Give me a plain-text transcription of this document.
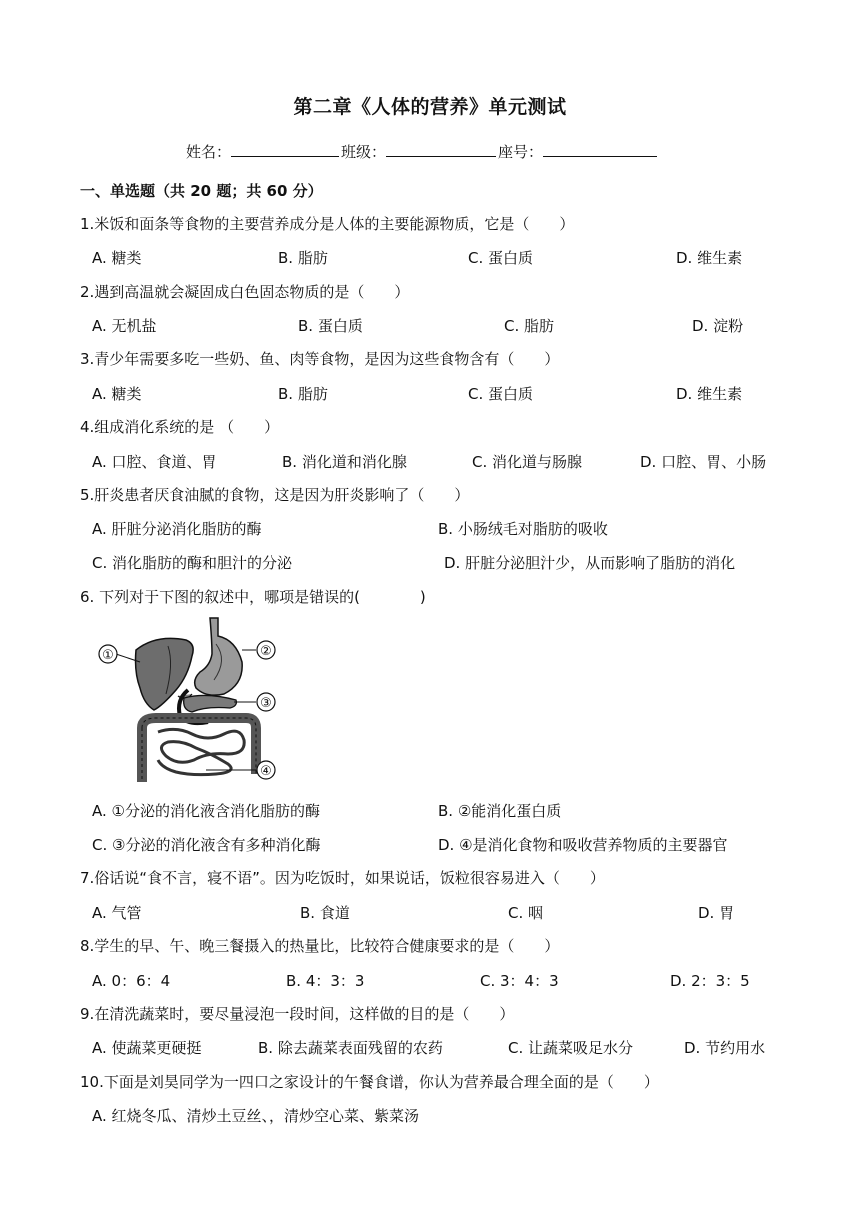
第二章《人体的营养》单元测试
姓名：	班级：	座号：
一、单选题（共 20 题；共 60 分）
1.米饭和面条等食物的主要营养成分是人体的主要能源物质，它是（　　）
A. 糖类	B. 脂肪	C. 蛋白质	D. 维生素
2.遇到高温就会凝固成白色固态物质的是（　　）
A. 无机盐	B. 蛋白质	C. 脂肪	D. 淀粉
3.青少年需要多吃一些奶、鱼、肉等食物，是因为这些食物含有（　　）
A. 糖类	B. 脂肪	C. 蛋白质	D. 维生素
4.组成消化系统的是 （　　）
A. 口腔、食道、胃	B. 消化道和消化腺	C. 消化道与肠腺	D. 口腔、胃、小肠
5.肝炎患者厌食油腻的食物，这是因为肝炎影响了（　　）
A. 肝脏分泌消化脂肪的酶	B. 小肠绒毛对脂肪的吸收
C. 消化脂肪的酶和胆汁的分泌	D. 肝脏分泌胆汁少，从而影响了脂肪的消化
6. 下列对于下图的叙述中，哪项是错误的(　　　　)
①	②
③
④
A. ①分泌的消化液含消化脂肪的酶	B. ②能消化蛋白质
C. ③分泌的消化液含有多种消化酶	D. ④是消化食物和吸收营养物质的主要器官
7.俗话说“食不言，寝不语”。因为吃饭时，如果说话，饭粒很容易进入（　　）
A. 气管	B. 食道	C. 咽	D. 胃
8.学生的早、午、晚三餐摄入的热量比，比较符合健康要求的是（　　）
A. 0：6：4	B. 4：3：3	C. 3：4：3	D. 2：3：5
9.在清洗蔬菜时，要尽量浸泡一段时间，这样做的目的是（　　）
A. 使蔬菜更硬挺	B. 除去蔬菜表面残留的农药	C. 让蔬菜吸足水分	D. 节约用水
10.下面是刘昊同学为一四口之家设计的午餐食谱，你认为营养最合理全面的是（　　）
A. 红烧冬瓜、清炒土豆丝、，清炒空心菜、紫菜汤
